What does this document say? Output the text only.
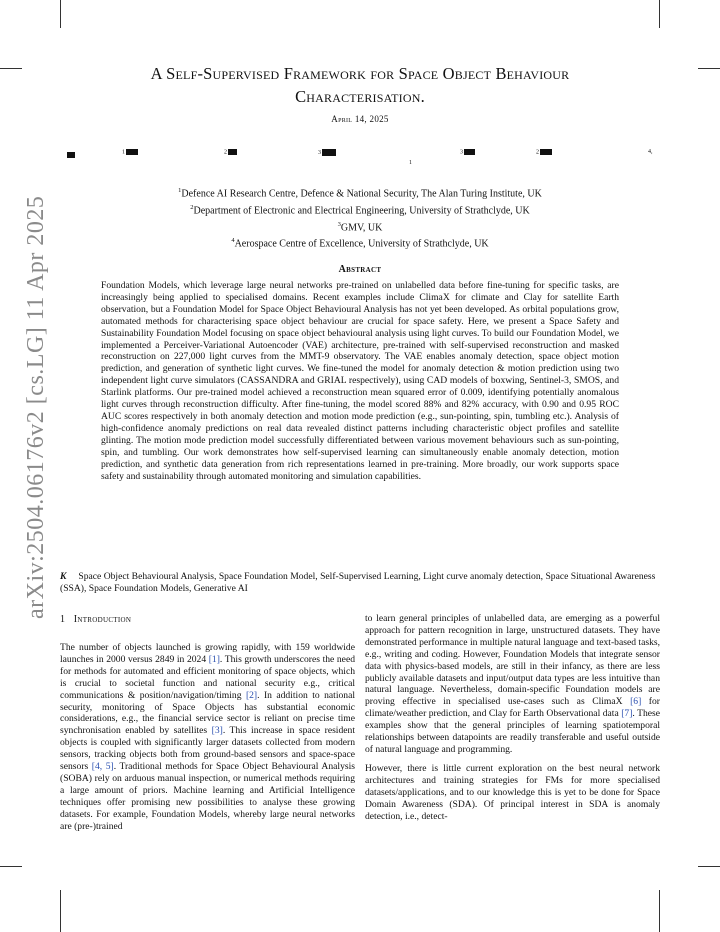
arXiv:2504.06176v2 [cs.LG] 11 Apr 2025
A Self-Supervised Framework for Space Object Behaviour
Characterisation.
April 14, 2025
1	2	3
1
3	2	4,
$^1$Defence AI Research Centre, Defence & National Security, The Alan Turing Institute, UK
$^2$Department of Electronic and Electrical Engineering, University of Strathclyde, UK
$^3$GMV, UK
$^4$Aerospace Centre of Excellence, University of Strathclyde, UK
Abstract
Foundation Models, which leverage large neural networks pre-trained on unlabelled data before fine-tuning for specific tasks, are increasingly being applied to specialised domains. Recent examples include ClimaX for climate and Clay for satellite Earth observation, but a Foundation Model for Space Object Behavioural Analysis has not yet been developed. As orbital populations grow, automated methods for characterising space object behaviour are crucial for space safety. Here, we present a Space Safety and Sustainability Foundation Model focusing on space object behavioural analysis using light curves. To build our Foundation Model, we implemented a Perceiver-Variational Autoencoder (VAE) architecture, pre-trained with self-supervised reconstruction and masked reconstruction on 227,000 light curves from the MMT-9 observatory. The VAE enables anomaly detection, space object motion prediction, and generation of synthetic light curves. We fine-tuned the model for anomaly detection & motion prediction using two independent light curve simulators (CASSANDRA and GRIAL respectively), using CAD models of boxwing, Sentinel-3, SMOS, and Starlink platforms. Our pre-trained model achieved a reconstruction mean squared error of 0.009, identifying potentially anomalous light curves through reconstruction difficulty. After fine-tuning, the model scored 88% and 82% accuracy, with 0.90 and 0.95 ROC AUC scores respectively in both anomaly detection and motion mode prediction (e.g., sun-pointing, spin, tumbling etc.). Analysis of high-confidence anomaly predictions on real data revealed distinct patterns including characteristic object profiles and satellite glinting. The motion mode prediction model successfully differentiated between various movement behaviours such as sun-pointing, spin, and tumbling. Our work demonstrates how self-supervised learning can simultaneously enable anomaly detection, motion prediction, and synthetic data generation from rich representations learned in pre-training. More broadly, our work supports space safety and sustainability through automated monitoring and simulation capabilities.
K Space Object Behavioural Analysis, Space Foundation Model, Self-Supervised Learning, Light curve anomaly detection, Space Situational Awareness (SSA), Space Foundation Models, Generative AI
1 Introduction

The number of objects launched is growing rapidly, with 159 worldwide launches in 2000 versus 2849 in 2024 [1]. This growth underscores the need for methods for automated and efficient monitoring of space objects, which is crucial to societal function and national security e.g., critical communications & position/navigation/timing [2]. In addition to national security, monitoring of Space Objects has substantial economic considerations, e.g., the financial service sector is reliant on precise time synchronisation enabled by satellites [3]. This increase in space resident objects is coupled with significantly larger datasets collected from modern sensors, tracking objects both from ground-based sensors and space-space sensors [4, 5]. Traditional methods for Space Object Behavioural Analysis (SOBA) rely on arduous manual inspection, or numerical methods requiring a large amount of priors. Machine learning and Artificial Intelligence techniques offer promising new possibilities to analyse these growing datasets. For example, Foundation Models, whereby large neural networks are (pre-)trained

to learn general principles of unlabelled data, are emerging as a powerful approach for pattern recognition in large, unstructured datasets. They have demonstrated performance in multiple natural language and text-based tasks, e.g., writing and coding. However, Foundation Models that integrate sensor data with physics-based models, are still in their infancy, as there are less publicly available datasets and input/output data types are less intuitive than natural language. Nevertheless, domain-specific Foundation models are proving effective in specialised use-cases such as ClimaX [6] for climate/weather prediction, and Clay for Earth Observational data [7]. These examples show that the general principles of learning spatiotemporal relationships between datapoints are readily transferable and useful outside of natural language and programming.

However, there is little current exploration on the best neural network architectures and training strategies for FMs for more specialised datasets/applications, and to our knowledge this is yet to be done for Space Domain Awareness (SDA). Of principal interest in SDA is anomaly detection, i.e., detect-
